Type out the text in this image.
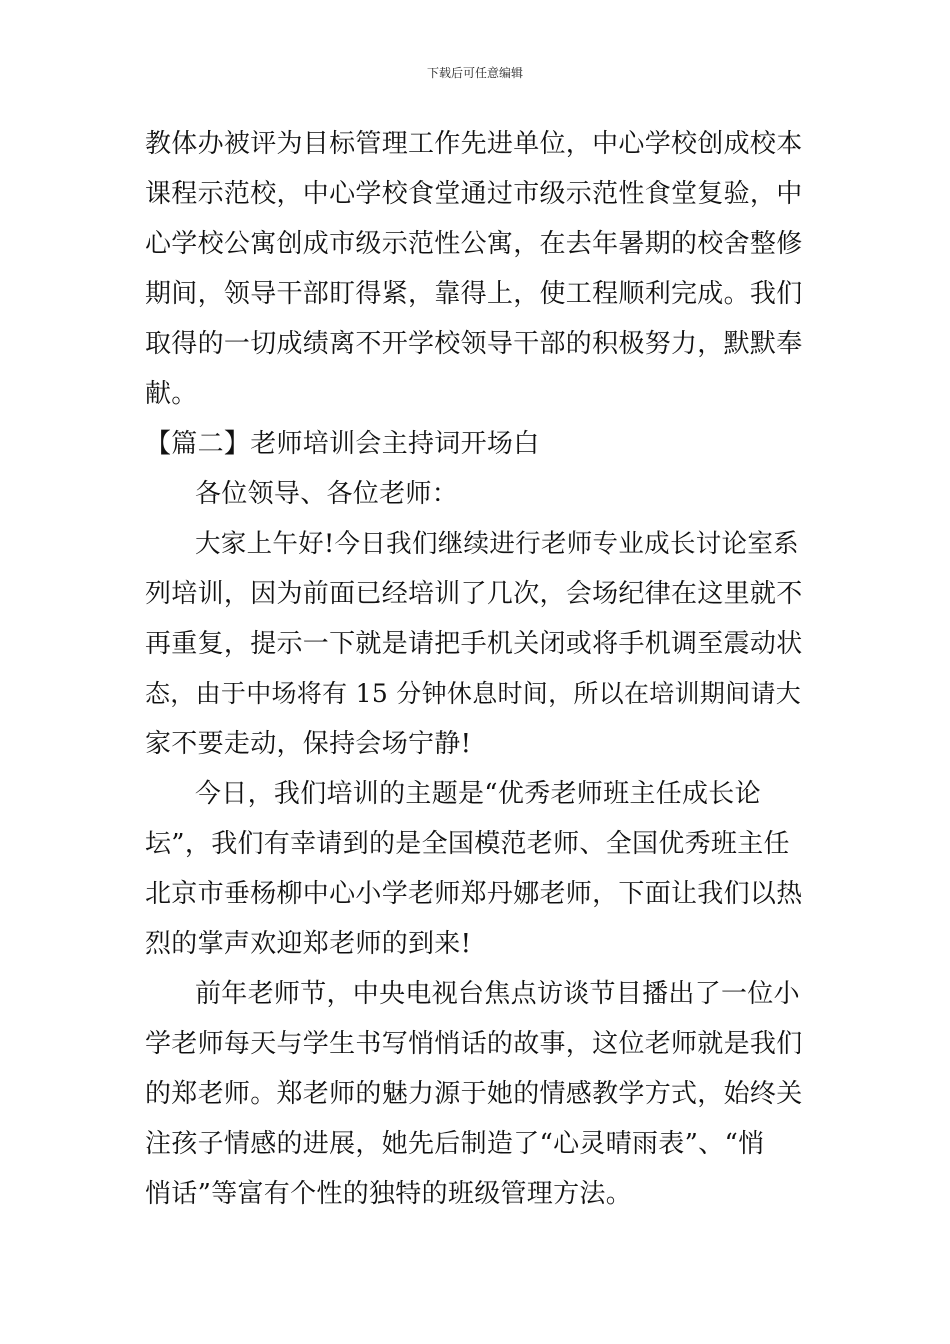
下载后可任意编辑
教体办被评为目标管理工作先进单位，中心学校创成校本
课程示范校，中心学校食堂通过市级示范性食堂复验，中
心学校公寓创成市级示范性公寓，在去年暑期的校舍整修
期间，领导干部盯得紧，靠得上，使工程顺利完成。我们
取得的一切成绩离不开学校领导干部的积极努力，默默奉
献。
【篇二】老师培训会主持词开场白
各位领导、各位老师：
大家上午好!今日我们继续进行老师专业成长讨论室系
列培训，因为前面已经培训了几次，会场纪律在这里就不
再重复，提示一下就是请把手机关闭或将手机调至震动状
态，由于中场将有 15 分钟休息时间，所以在培训期间请大
家不要走动，保持会场宁静!
今日，我们培训的主题是“优秀老师班主任成长论
坛”，我们有幸请到的是全国模范老师、全国优秀班主任
北京市垂杨柳中心小学老师郑丹娜老师，下面让我们以热
烈的掌声欢迎郑老师的到来!
前年老师节，中央电视台焦点访谈节目播出了一位小
学老师每天与学生书写悄悄话的故事，这位老师就是我们
的郑老师。郑老师的魅力源于她的情感教学方式，始终关
注孩子情感的进展，她先后制造了“心灵晴雨表”、“悄
悄话”等富有个性的独特的班级管理方法。
